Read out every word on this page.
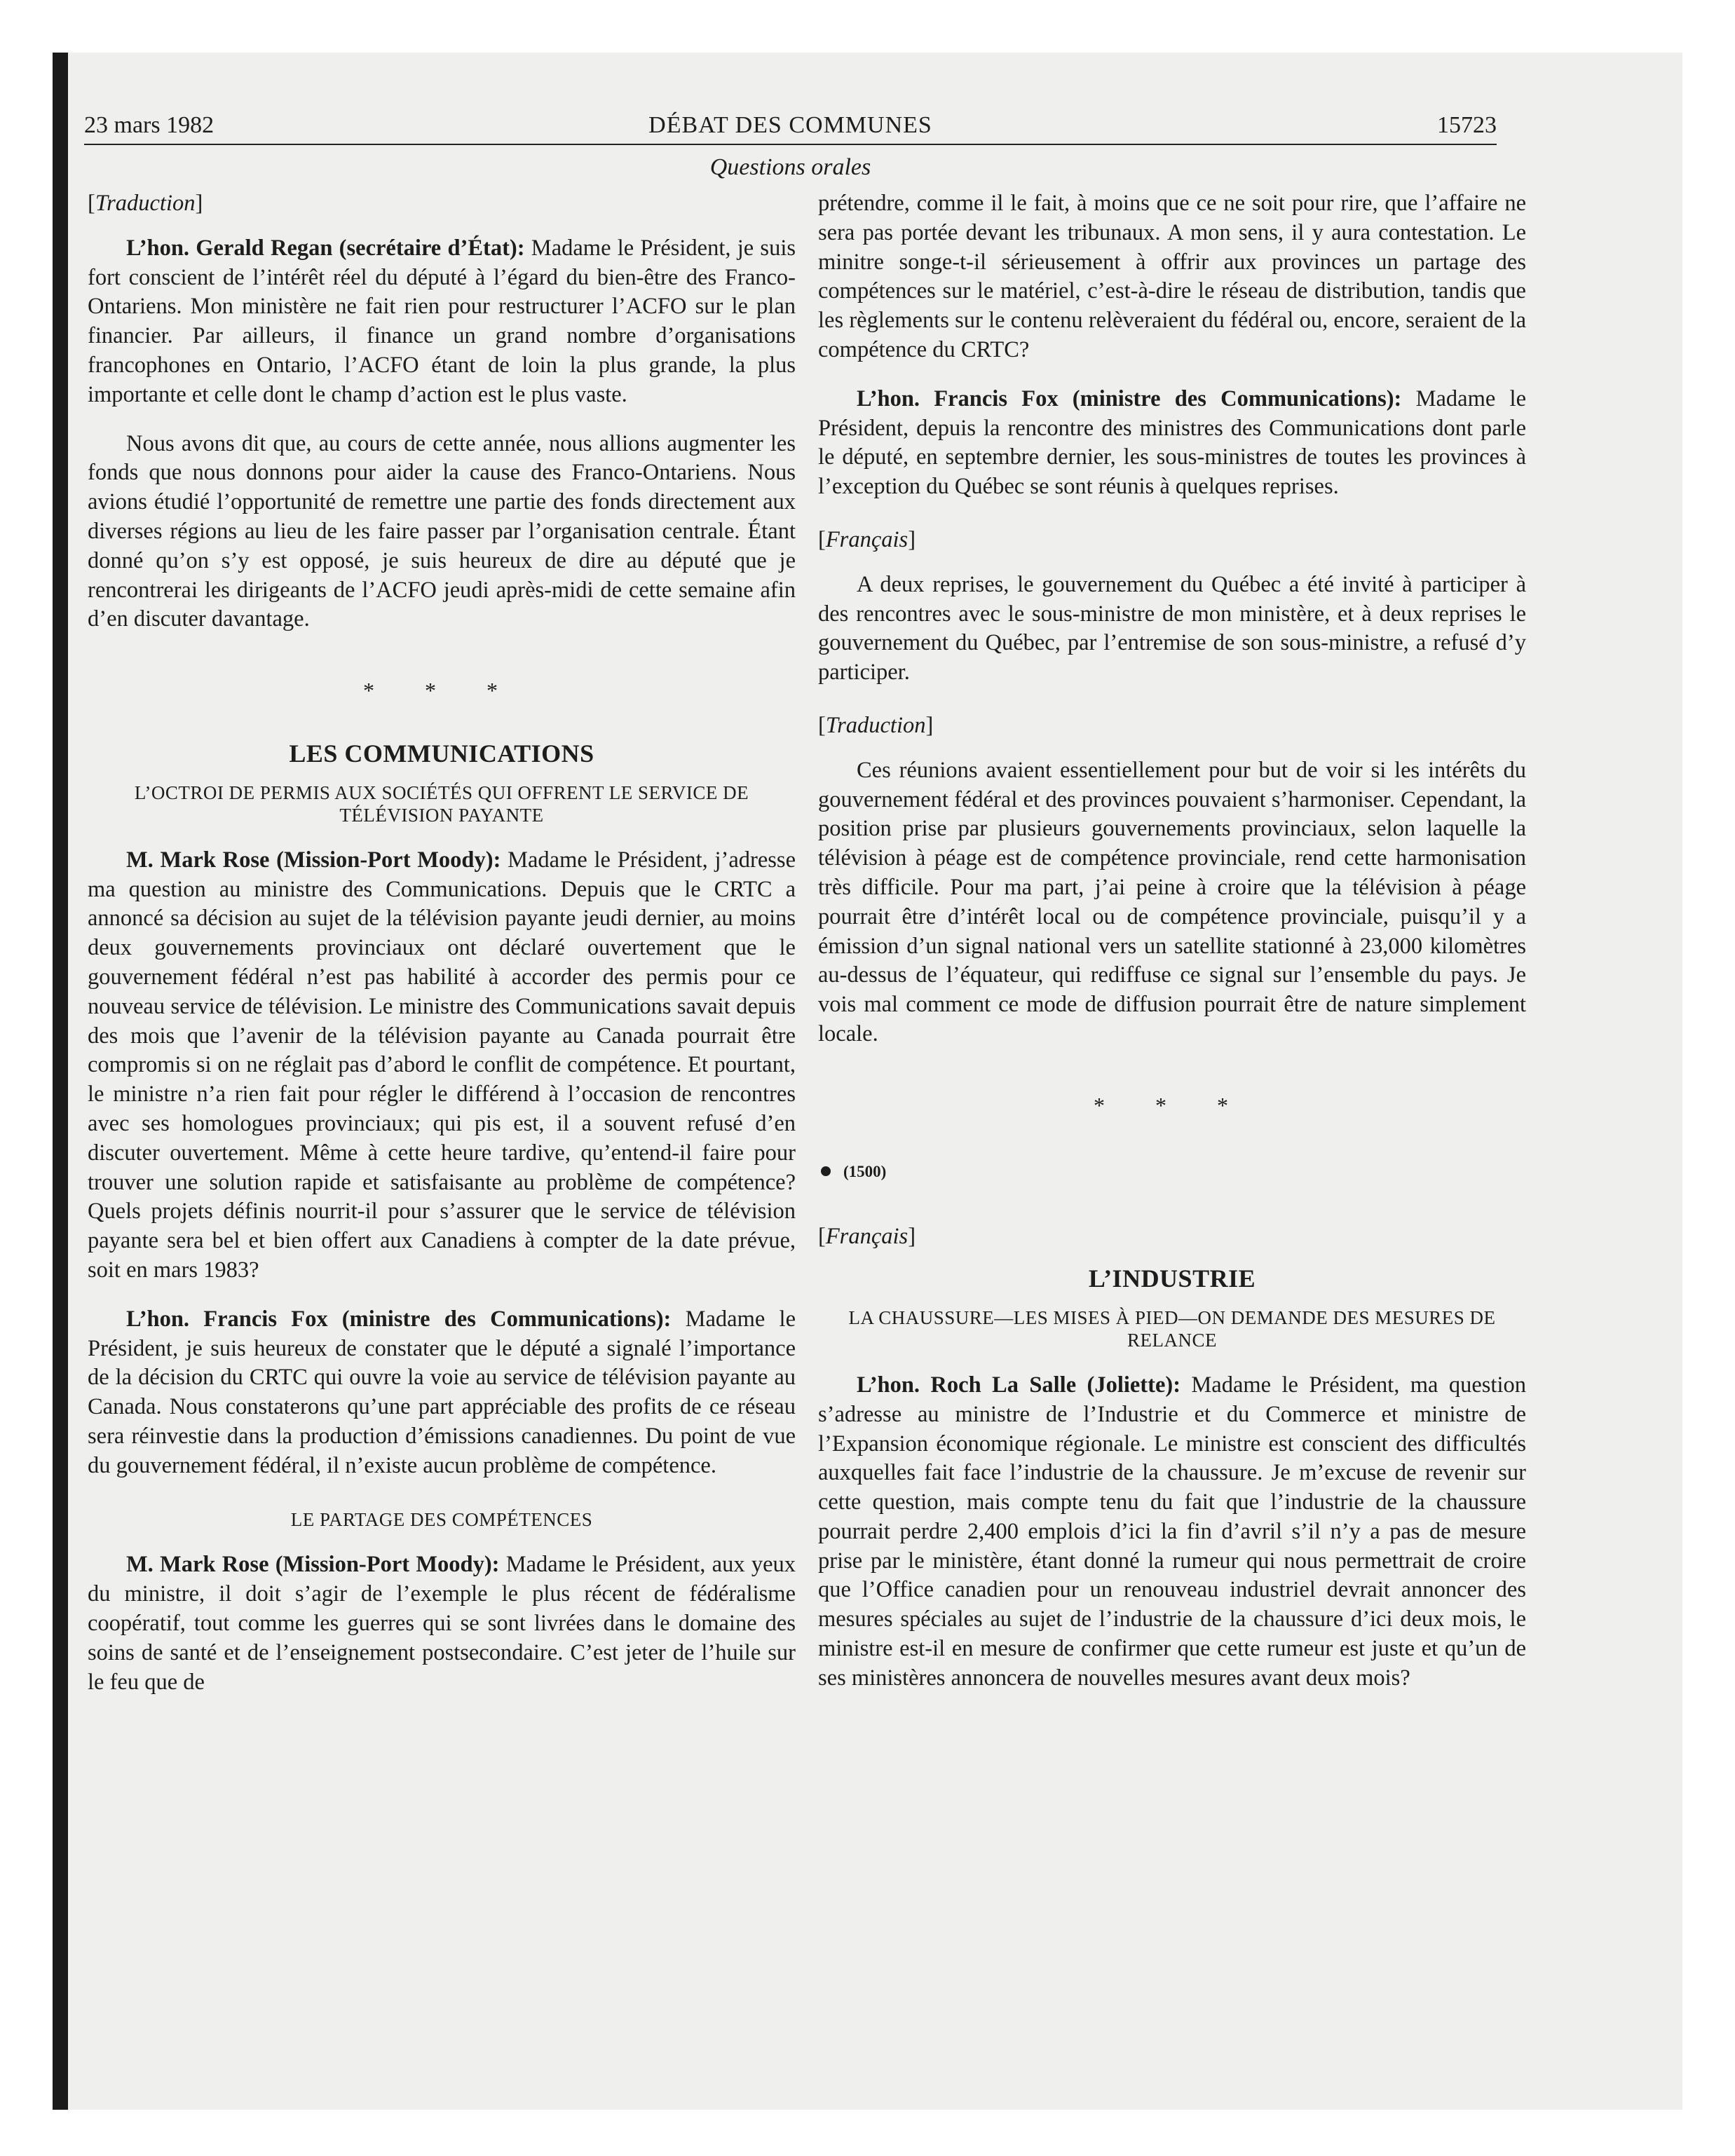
23 mars 1982	DÉBAT DES COMMUNES	15723
Questions orales

[Traduction]

L’hon. Gerald Regan (secrétaire d’État): Madame le Président, je suis fort conscient de l’intérêt réel du député à l’égard du bien-être des Franco-Ontariens. Mon ministère ne fait rien pour restructurer l’ACFO sur le plan financier. Par ailleurs, il finance un grand nombre d’organisations francophones en Ontario, l’ACFO étant de loin la plus grande, la plus importante et celle dont le champ d’action est le plus vaste.

Nous avons dit que, au cours de cette année, nous allions augmenter les fonds que nous donnons pour aider la cause des Franco-Ontariens. Nous avions étudié l’opportunité de remettre une partie des fonds directement aux diverses régions au lieu de les faire passer par l’organisation centrale. Étant donné qu’on s’y est opposé, je suis heureux de dire au député que je rencontrerai les dirigeants de l’ACFO jeudi après-midi de cette semaine afin d’en discuter davantage.

* * *

LES COMMUNICATIONS

L’OCTROI DE PERMIS AUX SOCIÉTÉS QUI OFFRENT LE SERVICE DE TÉLÉVISION PAYANTE

M. Mark Rose (Mission-Port Moody): Madame le Président, j’adresse ma question au ministre des Communications. Depuis que le CRTC a annoncé sa décision au sujet de la télévision payante jeudi dernier, au moins deux gouvernements provinciaux ont déclaré ouvertement que le gouvernement fédéral n’est pas habilité à accorder des permis pour ce nouveau service de télévision. Le ministre des Communications savait depuis des mois que l’avenir de la télévision payante au Canada pourrait être compromis si on ne réglait pas d’abord le conflit de compétence. Et pourtant, le ministre n’a rien fait pour régler le différend à l’occasion de rencontres avec ses homologues provinciaux; qui pis est, il a souvent refusé d’en discuter ouvertement. Même à cette heure tardive, qu’entend-il faire pour trouver une solution rapide et satisfaisante au problème de compétence? Quels projets définis nourrit-il pour s’assurer que le service de télévision payante sera bel et bien offert aux Canadiens à compter de la date prévue, soit en mars 1983?

L’hon. Francis Fox (ministre des Communications): Madame le Président, je suis heureux de constater que le député a signalé l’importance de la décision du CRTC qui ouvre la voie au service de télévision payante au Canada. Nous constaterons qu’une part appréciable des profits de ce réseau sera réinvestie dans la production d’émissions canadiennes. Du point de vue du gouvernement fédéral, il n’existe aucun problème de compétence.

LE PARTAGE DES COMPÉTENCES

M. Mark Rose (Mission-Port Moody): Madame le Président, aux yeux du ministre, il doit s’agir de l’exemple le plus récent de fédéralisme coopératif, tout comme les guerres qui se sont livrées dans le domaine des soins de santé et de l’enseignement postsecondaire. C’est jeter de l’huile sur le feu que de

prétendre, comme il le fait, à moins que ce ne soit pour rire, que l’affaire ne sera pas portée devant les tribunaux. A mon sens, il y aura contestation. Le minitre songe-t-il sérieusement à offrir aux provinces un partage des compétences sur le matériel, c’est-à-dire le réseau de distribution, tandis que les règlements sur le contenu relèveraient du fédéral ou, encore, seraient de la compétence du CRTC?

L’hon. Francis Fox (ministre des Communications): Madame le Président, depuis la rencontre des ministres des Communications dont parle le député, en septembre dernier, les sous-ministres de toutes les provinces à l’exception du Québec se sont réunis à quelques reprises.

[Français]

A deux reprises, le gouvernement du Québec a été invité à participer à des rencontres avec le sous-ministre de mon ministère, et à deux reprises le gouvernement du Québec, par l’entremise de son sous-ministre, a refusé d’y participer.

[Traduction]

Ces réunions avaient essentiellement pour but de voir si les intérêts du gouvernement fédéral et des provinces pouvaient s’harmoniser. Cependant, la position prise par plusieurs gouvernements provinciaux, selon laquelle la télévision à péage est de compétence provinciale, rend cette harmonisation très difficile. Pour ma part, j’ai peine à croire que la télévision à péage pourrait être d’intérêt local ou de compétence provinciale, puisqu’il y a émission d’un signal national vers un satellite stationné à 23,000 kilomètres au-dessus de l’équateur, qui rediffuse ce signal sur l’ensemble du pays. Je vois mal comment ce mode de diffusion pourrait être de nature simplement locale.

* * *
(1500)

[Français]

L’INDUSTRIE

LA CHAUSSURE—LES MISES À PIED—ON DEMANDE DES MESURES DE RELANCE

L’hon. Roch La Salle (Joliette): Madame le Président, ma question s’adresse au ministre de l’Industrie et du Commerce et ministre de l’Expansion économique régionale. Le ministre est conscient des difficultés auxquelles fait face l’industrie de la chaussure. Je m’excuse de revenir sur cette question, mais compte tenu du fait que l’industrie de la chaussure pourrait perdre 2,400 emplois d’ici la fin d’avril s’il n’y a pas de mesure prise par le ministère, étant donné la rumeur qui nous permettrait de croire que l’Office canadien pour un renouveau industriel devrait annoncer des mesures spéciales au sujet de l’industrie de la chaussure d’ici deux mois, le ministre est-il en mesure de confirmer que cette rumeur est juste et qu’un de ses ministères annoncera de nouvelles mesures avant deux mois?
